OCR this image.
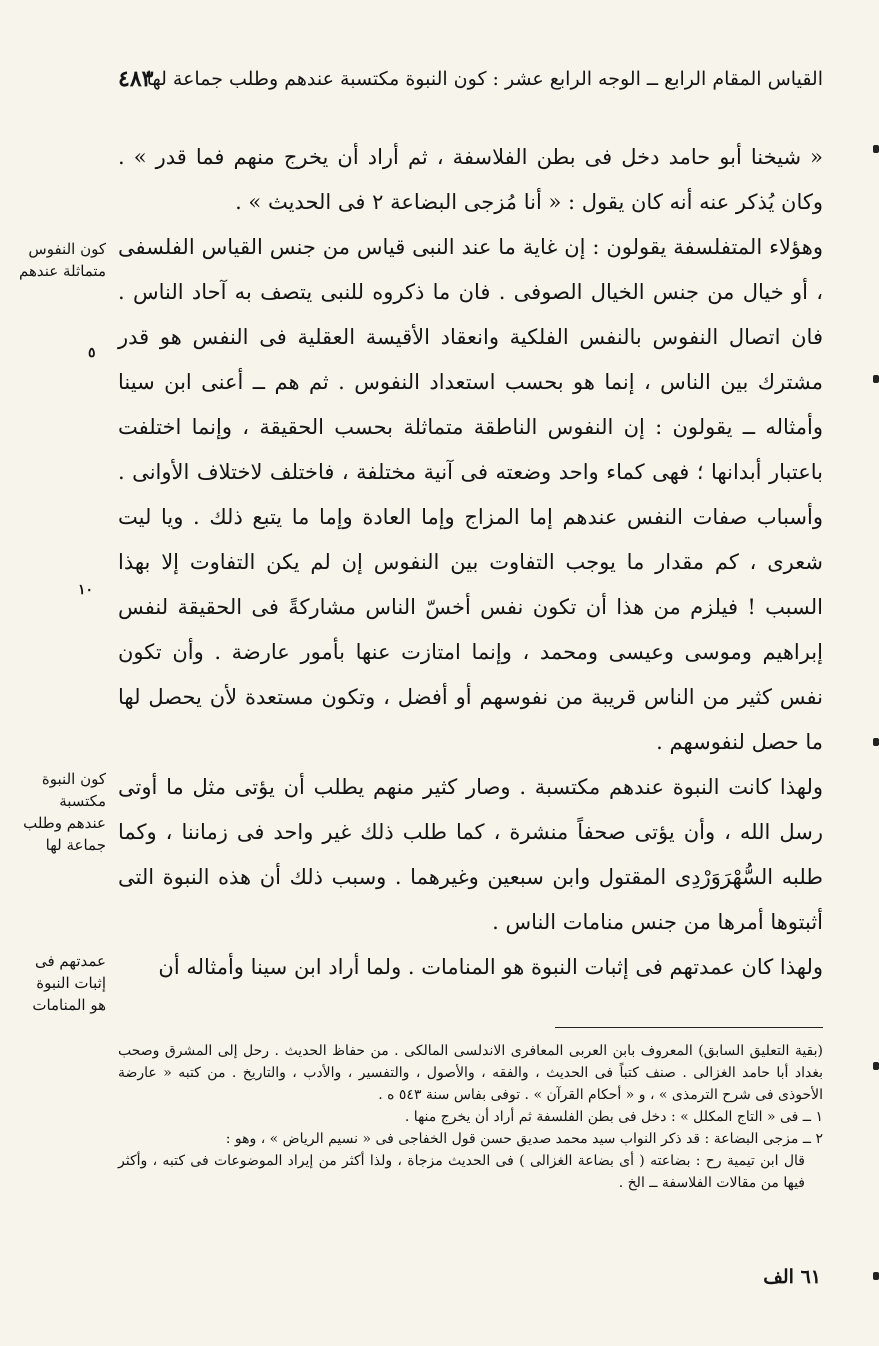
القياس المقام الرابع ــ الوجه الرابع عشر : كون النبوة مكتسبة عندهم وطلب جماعة لها
٤٨٣

« شيخنا أبو حامد دخل فى بطن الفلاسفة ، ثم أراد أن يخرج منهم فما قدر » . وكان يُذكر عنه أنه كان يقول : « أنا مُزجى البضاعة ٢ فى الحديث » .

وهؤلاء المتفلسفة يقولون : إن غاية ما عند النبى قياس من جنس القياس الفلسفى ، أو خيال من جنس الخيال الصوفى . فان ما ذكروه للنبى يتصف به آحاد الناس . فان اتصال النفوس بالنفس الفلكية وانعقاد الأقيسة العقلية فى النفس هو قدر مشترك بين الناس ، إنما هو بحسب استعداد النفوس . ثم هم ــ أعنى ابن سينا وأمثاله ــ يقولون : إن النفوس الناطقة متماثلة بحسب الحقيقة ، وإنما اختلفت باعتبار أبدانها ؛ فهى كماء واحد وضعته فى آنية مختلفة ، فاختلف لاختلاف الأوانى . وأسباب صفات النفس عندهم إما المزاج وإما العادة وإما ما يتبع ذلك . ويا ليت شعرى ، كم مقدار ما يوجب التفاوت بين النفوس إن لم يكن التفاوت إلا بهذا السبب ! فيلزم من هذا أن تكون نفس أخسّ الناس مشاركةً فى الحقيقة لنفس إبراهيم وموسى وعيسى ومحمد ، وإنما امتازت عنها بأمور عارضة . وأن تكون نفس كثير من الناس قريبة من نفوسهم أو أفضل ، وتكون مستعدة لأن يحصل لها ما حصل لنفوسهم .

ولهذا كانت النبوة عندهم مكتسبة . وصار كثير منهم يطلب أن يؤتى مثل ما أوتى رسل الله ، وأن يؤتى صحفاً منشرة ، كما طلب ذلك غير واحد فى زماننا ، وكما طلبه السُّهْرَوَرْدِى المقتول وابن سبعين وغيرهما . وسبب ذلك أن هذه النبوة التى أثبتوها أمرها من جنس منامات الناس .

ولهذا كان عمدتهم فى إثبات النبوة هو المنامات . ولما أراد ابن سينا وأمثاله أن

كون النفوس
متماثلة عندهم
كون النبوة
مكتسبة
عندهم وطلب
جماعة لها
عمدتهم فى
إثبات النبوة
هو المنامات
٥
١٠

(بقية التعليق السابق) المعروف بابن العربى المعافرى الاندلسى المالكى . من حفاظ الحديث . رحل إلى المشرق وصحب بغداد أبا حامد الغزالى . صنف كتباً فى الحديث ، والفقه ، والأصول ، والتفسير ، والأدب ، والتاريخ . من كتبه « عارضة الأحوذى فى شرح الترمذى » ، و « أحكام القرآن » . توفى بفاس سنة ٥٤٣ ه .

١ ــ فى « التاج المكلل » : دخل فى بطن الفلسفة ثم أراد أن يخرج منها .

٢ ــ مزجى البضاعة : قد ذكر النواب سيد محمد صديق حسن قول الخفاجى فى « نسيم الرياض » ، وهو :

قال ابن تيمية رح : بضاعته ( أى بضاعة الغزالى ) فى الحديث مزجاة ، ولذا أكثر من إيراد الموضوعات فى كتبه ، وأكثر فيها من مقالات الفلاسفة ــ الخ .

٦١ الف
